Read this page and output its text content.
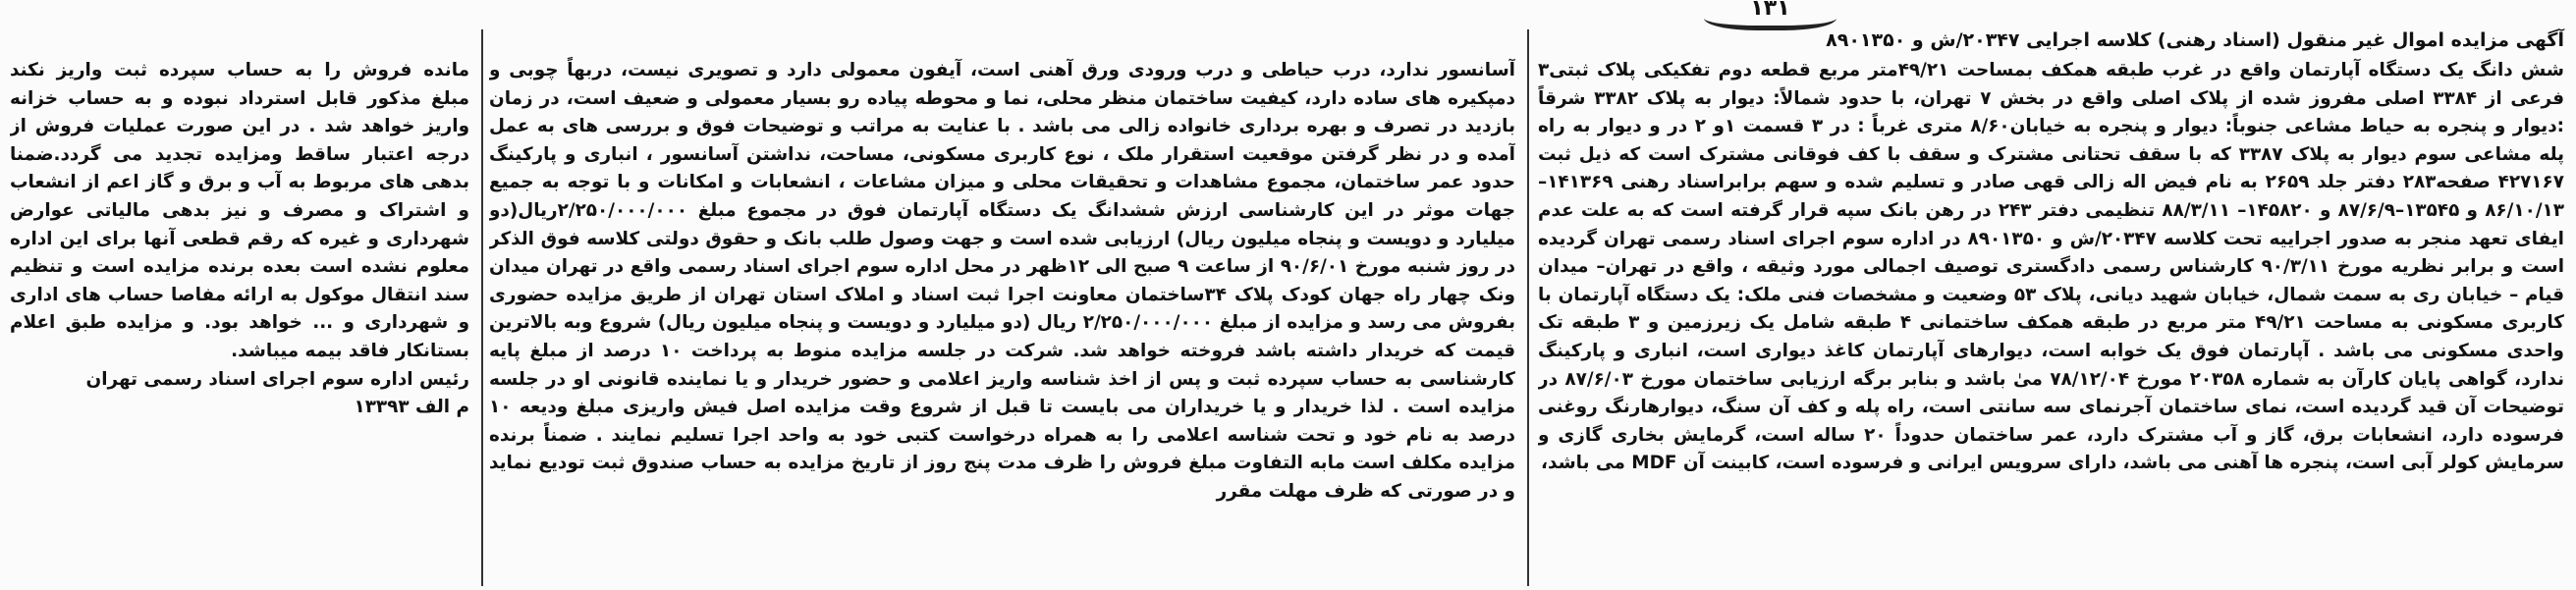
۱۳۱
آگهی مزایده اموال غیر منقول (اسناد رهنی) کلاسه اجرایی ۲۰۳۴۷/ش و ۸۹۰۱۳۵۰

شش دانگ یک دستگاه آپارتمان واقع در غرب طبقه همکف بمساحت ۴۹/۲۱متر مربع قطعه دوم تفکیکی پلاک ثبتی۳ فرعی از ۳۳۸۴ اصلی مفروز شده از پلاک اصلی واقع در بخش ۷ تهران، با حدود شمالاً: دیوار به پلاک ۳۳۸۲ شرقاً :دیوار و پنجره به حیاط مشاعی جنوباً: دیوار و پنجره به خیابان۸/۶۰ متری غرباً : در ۳ قسمت ۱و ۲ در و دیوار به راه پله مشاعی سوم دیوار به پلاک ۳۳۸۷ که با سقف تحتانی مشترک و سقف با کف فوقانی مشترک است که ذیل ثبت ۴۲۷۱۶۷ صفحه۲۸۳ دفتر جلد ۲۶۵۹ به نام فیض اله زالی قهی صادر و تسلیم شده و سهم برابراسناد رهنی ۱۴۱۳۶۹–۸۶/۱۰/۱۳ و ۱۳۵۴۵–۸۷/۶/۹ و ۱۴۵۸۲۰– ۸۸/۳/۱۱ تنظیمی دفتر ۲۴۳ در رهن بانک سپه قرار گرفته است که به علت عدم ایفای تعهد منجر به صدور اجراییه تحت کلاسه ۲۰۳۴۷/ش و ۸۹۰۱۳۵۰ در اداره سوم اجرای اسناد رسمی تهران گردیده است و برابر نظریه مورخ ۹۰/۳/۱۱ کارشناس رسمی دادگستری توصیف اجمالی مورد وثیقه ، واقع در تهران– میدان قیام – خیابان ری به سمت شمال، خیابان شهید دیانی، پلاک ۵۳ وضعیت و مشخصات فنی ملک: یک دستگاه آپارتمان با کاربری مسکونی به مساحت ۴۹/۲۱ متر مربع در طبقه همکف ساختمانی ۴ طبقه شامل یک زیرزمین و ۳ طبقه تک واحدی مسکونی می باشد . آپارتمان فوق یک خوابه است، دیوارهای آپارتمان کاغذ دیواری است، انباری و پارکینگ ندارد، گواهی پایان کارآن به شماره ۲۰۳۵۸ مورخ ۷۸/۱۲/۰۴ میٰ باشد و بنابر برگه ارزیابی ساختمان مورخ ۸۷/۶/۰۳ در توضیحات آن قید گردیده است، نمای ساختمان آجرنمای سه سانتی است، راه پله و کف آن سنگ، دیوارهارنگ روغنی فرسوده دارد، انشعابات برق، گاز و آب مشترک دارد، عمر ساختمان حدوداً ۲۰ ساله است، گرمایش بخاری گازی و سرمایش کولر آبی است، پنجره ها آهنی می باشد، دارای سرویس ایرانی و فرسوده است، کابینت آن MDF می باشد،

آسانسور ندارد، درب حیاطی و درب ورودی ورق آهنی است، آیفون معمولی دارد و تصویری نیست، دربهاً چوبی و دمپکیره های ساده دارد، کیفیت ساختمان منظر محلی، نما و محوطه پیاده رو بسیار معمولی و ضعیف است، در زمان بازدید در تصرف و بهره برداری خانواده زالی می باشد . با عنایت به مراتب و توضیحات فوق و بررسی های به عمل آمده و در نظر گرفتن موقعیت استقرار ملک ، نوع کاربری مسکونی، مساحت، نداشتن آسانسور ، انباری و پارکینگ حدود عمر ساختمان، مجموع مشاهدات و تحقیقات محلی و میزان مشاعات ، انشعابات و امکانات و با توجه به جمیع جهات موثر در این کارشناسی ارزش ششدانگ یک دستگاه آپارتمان فوق در مجموع مبلغ ۲/۲۵۰/۰۰۰/۰۰۰ریال(دو میلیارد و دویست و پنجاه میلیون ریال) ارزیابی شده است و جهت وصول طلب بانک و حقوق دولتی کلاسه فوق الذکر در روز شنبه مورخ ۹۰/۶/۰۱ از ساعت ۹ صبح الی ۱۲ظهر در محل اداره سوم اجرای اسناد رسمی واقع در تهران میدان ونک چهار راه جهان کودک پلاک ۳۴ساختمان معاونت اجرا ثبت اسناد و املاک استان تهران از طریق مزایده حضوری بفروش می رسد و مزایده از مبلغ ۲/۲۵۰/۰۰۰/۰۰۰ ریال (دو میلیارد و دویست و پنجاه میلیون ریال) شروع وبه بالاترین قیمت که خریدار داشته باشد فروخته خواهد شد. شرکت در جلسه مزایده منوط به پرداخت ۱۰ درصد از مبلغ پایه کارشناسی به حساب سپرده ثبت و پس از اخذ شناسه واریز اعلامی و حضور خریدار و یا نماینده قانونی او در جلسه مزایده است . لذا خریدار و یا خریداران می بایست تا قبل از شروع وقت مزایده اصل فیش واریزی مبلغ ودیعه ۱۰ درصد به نام خود و تحت شناسه اعلامی را به همراه درخواست کتبی خود به واحد اجرا تسلیم نمایند . ضمناً برنده مزایده مکلف است مابه التفاوت مبلغ فروش را ظرف مدت پنج روز از تاریخ مزایده به حساب صندوق ثبت تودیع نماید و در صورتی که ظرف مهلت مقرر

مانده فروش را به حساب سپرده ثبت واریز نکند مبلغ مذکور قابل استرداد نبوده و به حساب خزانه واریز خواهد شد . در این صورت عملیات فروش از درجه اعتبار ساقط ومزایده تجدید می گردد.ضمنا بدهی های مربوط به آب و برق و گاز اعم از انشعاب و اشتراک و مصرف و نیز بدهی مالیاتی عوارض شهرداری و غیره که رقم قطعی آنها برای این اداره معلوم نشده است بعده برنده مزایده است و تنظیم سند انتقال موکول به ارائه مفاصا حساب های اداری و شهرداری و ... خواهد بود. و مزایده طبق اعلام بستانکار فاقد بیمه میباشد.

رئیس اداره سوم اجرای اسناد رسمی تهران

م الف ۱۳۳۹۳
